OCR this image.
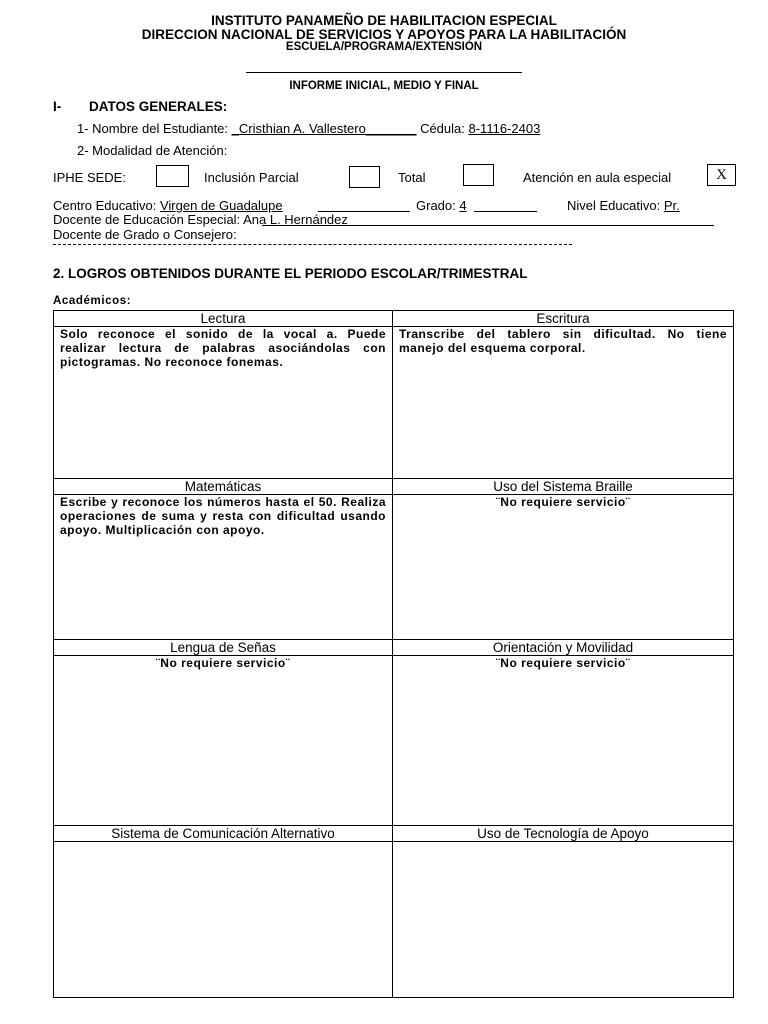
INSTITUTO PANAMEÑO DE HABILITACION ESPECIAL
DIRECCION NACIONAL DE SERVICIOS Y APOYOS PARA LA HABILITACIÓN
ESCUELA/PROGRAMA/EXTENSIÓN
INFORME INICIAL, MEDIO Y FINAL
I- DATOS GENERALES:
1- Nombre del Estudiante: _Cristhian A. Vallestero_______ Cédula: 8-1116-2403
2- Modalidad de Atención:
IPHE SEDE:	Inclusión Parcial	Total	Atención en aula especial	X
Centro Educativo: Virgen de Guadalupe	Grado: 4	Nivel Educativo: Pr.
Docente de Educación Especial: Ana L. Hernández
Docente de Grado o Consejero:
2. LOGROS OBTENIDOS DURANTE EL PERIODO ESCOLAR/TRIMESTRAL
Académicos:
Lectura	Escritura
Solo reconoce el sonido de la vocal a. Puede realizar lectura de palabras asociándolas con pictogramas. No reconoce fonemas.	Transcribe del tablero sin dificultad. No tiene manejo del esquema corporal.
Matemáticas	Uso del Sistema Braille
Escribe y reconoce los números hasta el 50. Realiza operaciones de suma y resta con dificultad usando apoyo. Multiplicación con apoyo.	¨No requiere servicio¨
Lengua de Señas	Orientación y Movilidad
¨No requiere servicio¨	¨No requiere servicio¨
Sistema de Comunicación Alternativo	Uso de Tecnología de Apoyo
